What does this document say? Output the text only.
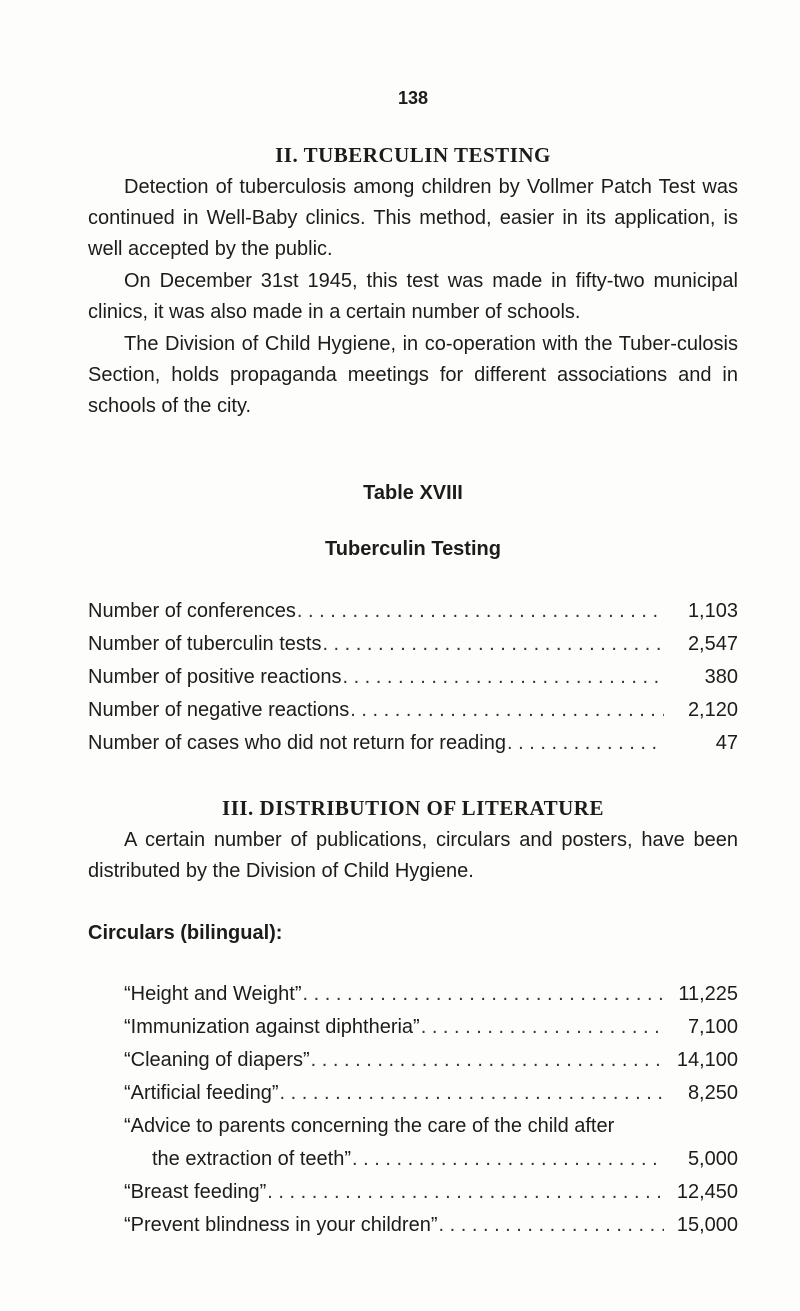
138
II. TUBERCULIN TESTING

Detection of tuberculosis among children by Vollmer Patch Test was continued in Well-Baby clinics. This method, easier in its application, is well accepted by the public.

On December 31st 1945, this test was made in fifty-two municipal clinics, it was also made in a certain number of schools.

The Division of Child Hygiene, in co-operation with the Tuber-culosis Section, holds propaganda meetings for different associations and in schools of the city.

Table XVIII
Tuberculin Testing
Number of conferences . . .	1,103
Number of tuberculin tests . . .	2,547
Number of positive reactions . . .	380
Number of negative reactions . . .	2,120
Number of cases who did not return for reading . . .	47
III. DISTRIBUTION OF LITERATURE

A certain number of publications, circulars and posters, have been distributed by the Division of Child Hygiene.

Circulars (bilingual):
“Height and Weight” . . .	11,225
“Immunization against diphtheria” . . .	7,100
“Cleaning of diapers” . . .	14,100
“Artificial feeding” . . .	8,250
“Advice to parents concerning the care of the child after
the extraction of teeth” . . .	5,000
“Breast feeding” . . .	12,450
“Prevent blindness in your children” . . .	15,000
